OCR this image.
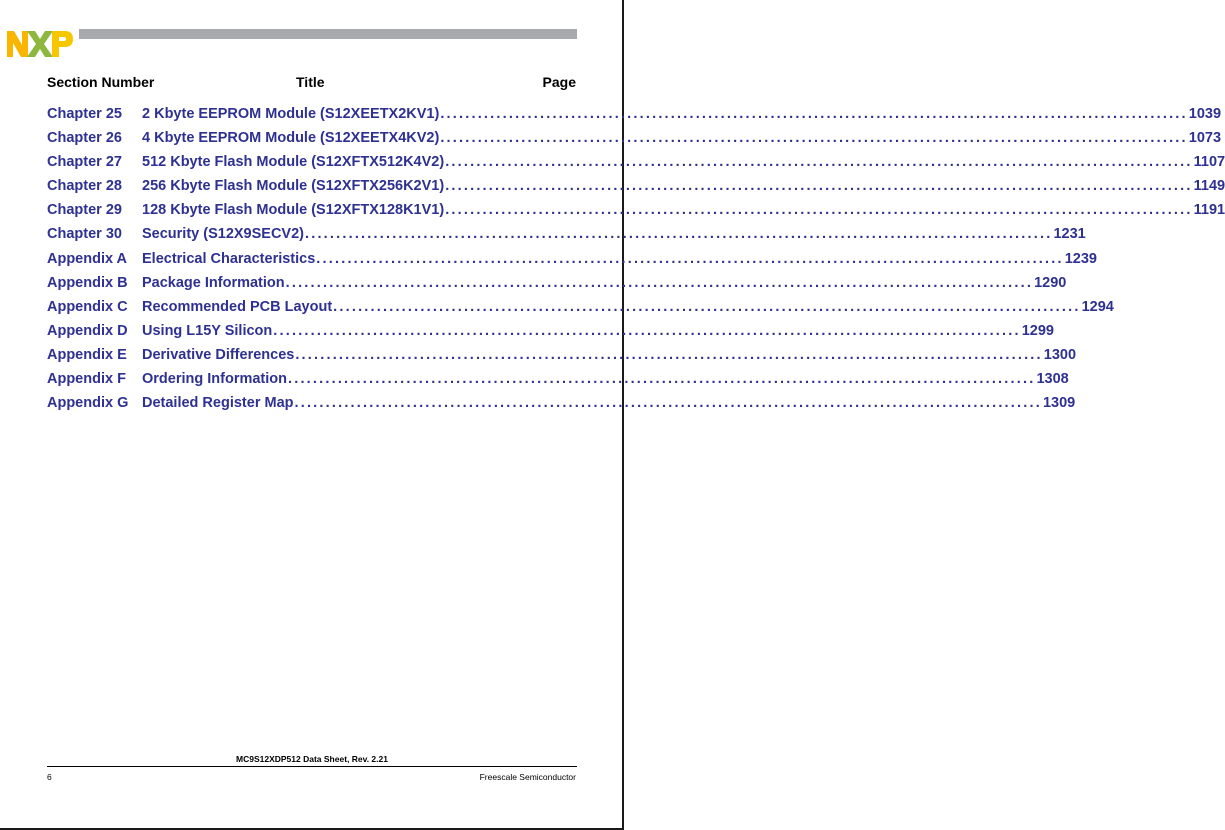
Section Number	Title	Page
Chapter 25	2 Kbyte EEPROM Module (S12XEETX2KV1) ........................................................................................................................ 1039
Chapter 26	4 Kbyte EEPROM Module (S12XEETX4KV2) ........................................................................................................................ 1073
Chapter 27	512 Kbyte Flash Module (S12XFTX512K4V2) ........................................................................................................................ 1107
Chapter 28	256 Kbyte Flash Module (S12XFTX256K2V1) ........................................................................................................................ 1149
Chapter 29	128 Kbyte Flash Module (S12XFTX128K1V1) ........................................................................................................................ 1191
Chapter 30	Security (S12X9SECV2) ........................................................................................................................ 1231
Appendix A	Electrical Characteristics ........................................................................................................................ 1239
Appendix B Package Information ........................................................................................................................ 1290
Appendix C Recommended PCB Layout ........................................................................................................................ 1294
Appendix D Using L15Y Silicon ........................................................................................................................ 1299
Appendix E	Derivative Differences ........................................................................................................................ 1300
Appendix F	Ordering Information ........................................................................................................................ 1308
Appendix G Detailed Register Map ........................................................................................................................ 1309
MC9S12XDP512 Data Sheet, Rev. 2.21
6	Freescale Semiconductor
